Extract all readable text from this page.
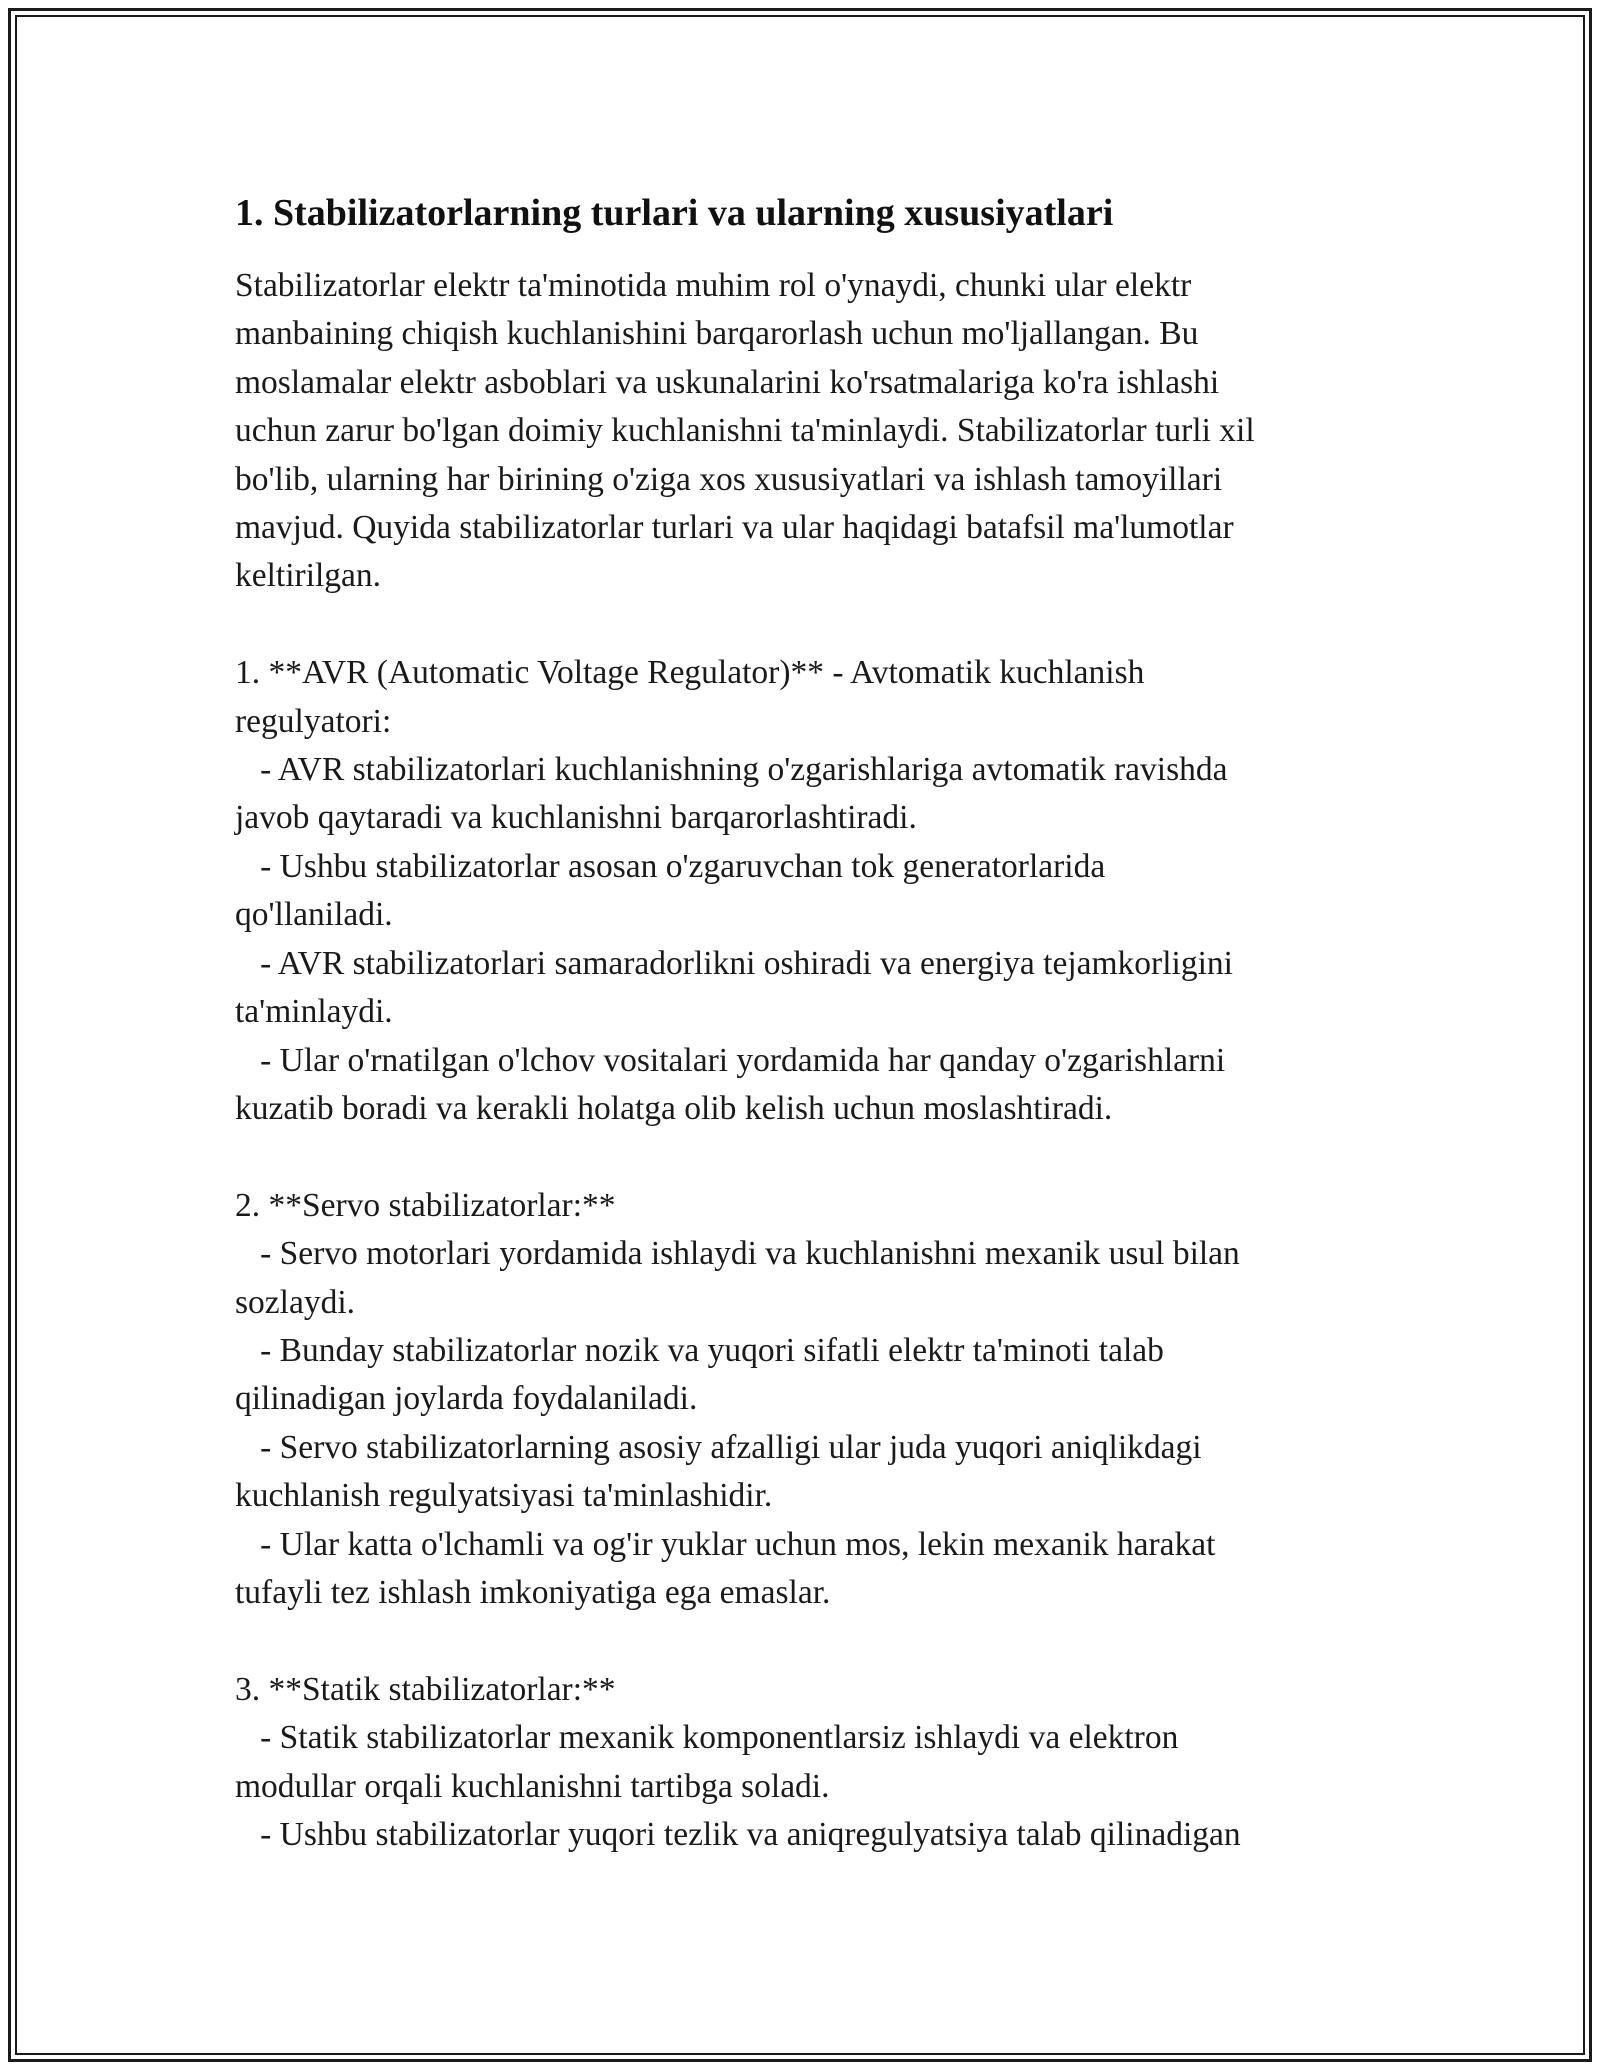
1. Stabilizatorlarning turlari va ularning xususiyatlari

Stabilizatorlar elektr ta'minotida muhim rol o'ynaydi, chunki ular elektr
manbaining chiqish kuchlanishini barqarorlash uchun mo'ljallangan. Bu
moslamalar elektr asboblari va uskunalarini ko'rsatmalariga ko'ra ishlashi
uchun zarur bo'lgan doimiy kuchlanishni ta'minlaydi. Stabilizatorlar turli xil
bo'lib, ularning har birining o'ziga xos xususiyatlari va ishlash tamoyillari
mavjud. Quyida stabilizatorlar turlari va ular haqidagi batafsil ma'lumotlar
keltirilgan.

1. **AVR (Automatic Voltage Regulator)** - Avtomatik kuchlanish
regulyatori:
- AVR stabilizatorlari kuchlanishning o'zgarishlariga avtomatik ravishda
javob qaytaradi va kuchlanishni barqarorlashtiradi.
- Ushbu stabilizatorlar asosan o'zgaruvchan tok generatorlarida
qo'llaniladi.
- AVR stabilizatorlari samaradorlikni oshiradi va energiya tejamkorligini
ta'minlaydi.
- Ular o'rnatilgan o'lchov vositalari yordamida har qanday o'zgarishlarni
kuzatib boradi va kerakli holatga olib kelish uchun moslashtiradi.

2. **Servo stabilizatorlar:**
- Servo motorlari yordamida ishlaydi va kuchlanishni mexanik usul bilan
sozlaydi.
- Bunday stabilizatorlar nozik va yuqori sifatli elektr ta'minoti talab
qilinadigan joylarda foydalaniladi.
- Servo stabilizatorlarning asosiy afzalligi ular juda yuqori aniqlikdagi
kuchlanish regulyatsiyasi ta'minlashidir.
- Ular katta o'lchamli va og'ir yuklar uchun mos, lekin mexanik harakat
tufayli tez ishlash imkoniyatiga ega emaslar.

3. **Statik stabilizatorlar:**
- Statik stabilizatorlar mexanik komponentlarsiz ishlaydi va elektron
modullar orqali kuchlanishni tartibga soladi.
- Ushbu stabilizatorlar yuqori tezlik va aniqregulyatsiya talab qilinadigan
